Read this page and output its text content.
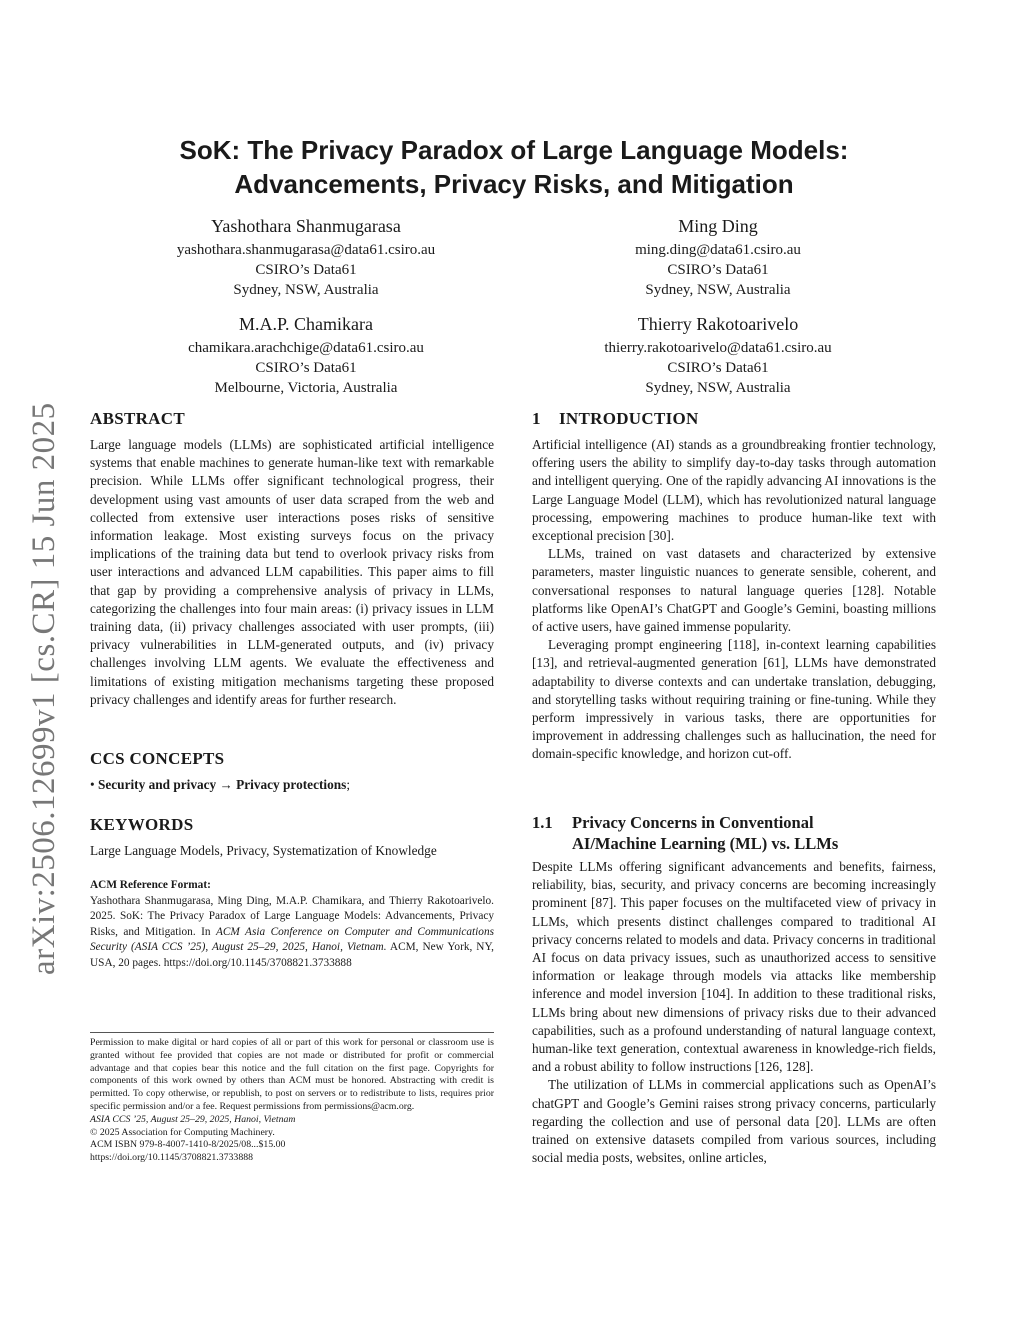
arXiv:2506.12699v1 [cs.CR] 15 Jun 2025
SoK: The Privacy Paradox of Large Language Models:
Advancements, Privacy Risks, and Mitigation
Yashothara Shanmugarasa
yashothara.shanmugarasa@data61.csiro.au
CSIRO’s Data61
Sydney, NSW, Australia
Ming Ding
ming.ding@data61.csiro.au
CSIRO’s Data61
Sydney, NSW, Australia
M.A.P. Chamikara
chamikara.arachchige@data61.csiro.au
CSIRO’s Data61
Melbourne, Victoria, Australia
Thierry Rakotoarivelo
thierry.rakotoarivelo@data61.csiro.au
CSIRO’s Data61
Sydney, NSW, Australia
ABSTRACT

Large language models (LLMs) are sophisticated artificial intelligence systems that enable machines to generate human-like text with remarkable precision. While LLMs offer significant technological progress, their development using vast amounts of user data scraped from the web and collected from extensive user interactions poses risks of sensitive information leakage. Most existing surveys focus on the privacy implications of the training data but tend to overlook privacy risks from user interactions and advanced LLM capabilities. This paper aims to fill that gap by providing a comprehensive analysis of privacy in LLMs, categorizing the challenges into four main areas: (i) privacy issues in LLM training data, (ii) privacy challenges associated with user prompts, (iii) privacy vulnerabilities in LLM-generated outputs, and (iv) privacy challenges involving LLM agents. We evaluate the effectiveness and limitations of existing mitigation mechanisms targeting these proposed privacy challenges and identify areas for further research.

CCS CONCEPTS
• Security and privacy → Privacy protections;
KEYWORDS

Large Language Models, Privacy, Systematization of Knowledge

ACM Reference Format:

Yashothara Shanmugarasa, Ming Ding, M.A.P. Chamikara, and Thierry Rakotoarivelo. 2025. SoK: The Privacy Paradox of Large Language Models: Advancements, Privacy Risks, and Mitigation. In ACM Asia Conference on Computer and Communications Security (ASIA CCS ’25), August 25–29, 2025, Hanoi, Vietnam. ACM, New York, NY, USA, 20 pages. https://doi.org/10.1145/3708821.3733888

Permission to make digital or hard copies of all or part of this work for personal or classroom use is granted without fee provided that copies are not made or distributed for profit or commercial advantage and that copies bear this notice and the full citation on the first page. Copyrights for components of this work owned by others than ACM must be honored. Abstracting with credit is permitted. To copy otherwise, or republish, to post on servers or to redistribute to lists, requires prior specific permission and/or a fee. Request permissions from permissions@acm.org.

ASIA CCS ’25, August 25–29, 2025, Hanoi, Vietnam
© 2025 Association for Computing Machinery.
ACM ISBN 979-8-4007-1410-8/2025/08...$15.00
https://doi.org/10.1145/3708821.3733888
1    INTRODUCTION

Artificial intelligence (AI) stands as a groundbreaking frontier technology, offering users the ability to simplify day-to-day tasks through automation and intelligent querying. One of the rapidly advancing AI innovations is the Large Language Model (LLM), which has revolutionized natural language processing, empowering machines to produce human-like text with exceptional precision [30].

LLMs, trained on vast datasets and characterized by extensive parameters, master linguistic nuances to generate sensible, coherent, and conversational responses to natural language queries [128]. Notable platforms like OpenAI’s ChatGPT and Google’s Gemini, boasting millions of active users, have gained immense popularity.

Leveraging prompt engineering [118], in-context learning capabilities [13], and retrieval-augmented generation [61], LLMs have demonstrated adaptability to diverse contexts and can undertake translation, debugging, and storytelling tasks without requiring training or fine-tuning. While they perform impressively in various tasks, there are opportunities for improvement in addressing challenges such as hallucination, the need for domain-specific knowledge, and horizon cut-off.

1.1	Privacy Concerns in Conventional
AI/Machine Learning (ML) vs. LLMs

Despite LLMs offering significant advancements and benefits, fairness, reliability, bias, security, and privacy concerns are becoming increasingly prominent [87]. This paper focuses on the multifaceted view of privacy in LLMs, which presents distinct challenges compared to traditional AI privacy concerns related to models and data. Privacy concerns in traditional AI focus on data privacy issues, such as unauthorized access to sensitive information or leakage through models via attacks like membership inference and model inversion [104]. In addition to these traditional risks, LLMs bring about new dimensions of privacy risks due to their advanced capabilities, such as a profound understanding of natural language context, human-like text generation, contextual awareness in knowledge-rich fields, and a robust ability to follow instructions [126, 128].

The utilization of LLMs in commercial applications such as OpenAI’s chatGPT and Google’s Gemini raises strong privacy concerns, particularly regarding the collection and use of personal data [20]. LLMs are often trained on extensive datasets compiled from various sources, including social media posts, websites, online articles,
